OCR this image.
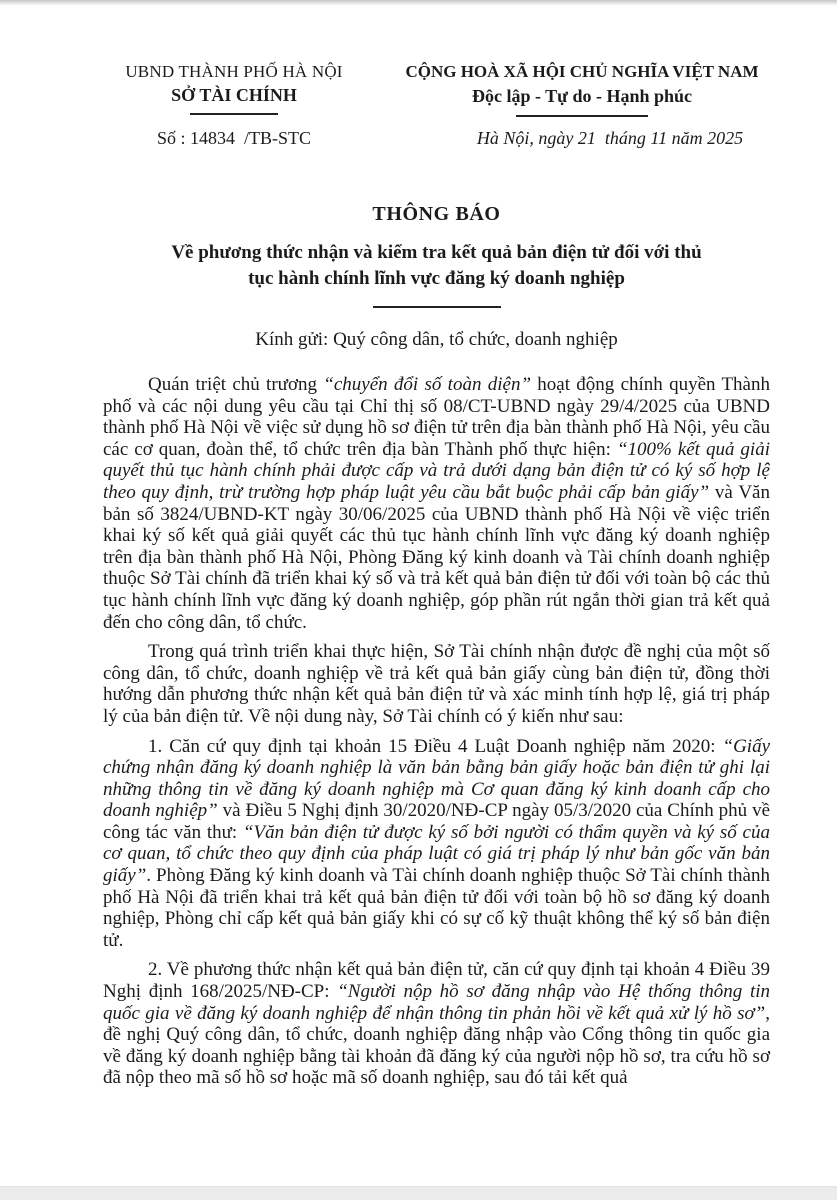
UBND THÀNH PHỐ HÀ NỘI
SỞ TÀI CHÍNH
Số : 14834  /TB-STC
CỘNG HOÀ XÃ HỘI CHỦ NGHĨA VIỆT NAM
Độc lập - Tự do - Hạnh phúc
Hà Nội, ngày 21  tháng 11 năm 2025
THÔNG BÁO
Về phương thức nhận và kiểm tra kết quả bản điện tử đối với thủ tục hành chính lĩnh vực đăng ký doanh nghiệp
Kính gửi: Quý công dân, tổ chức, doanh nghiệp

Quán triệt chủ trương “chuyển đổi số toàn diện” hoạt động chính quyền Thành phố và các nội dung yêu cầu tại Chỉ thị số 08/CT-UBND ngày 29/4/2025 của UBND thành phố Hà Nội về việc sử dụng hồ sơ điện tử trên địa bàn thành phố Hà Nội, yêu cầu các cơ quan, đoàn thể, tổ chức trên địa bàn Thành phố thực hiện: “100% kết quả giải quyết thủ tục hành chính phải được cấp và trả dưới dạng bản điện tử có ký số hợp lệ theo quy định, trừ trường hợp pháp luật yêu cầu bắt buộc phải cấp bản giấy” và Văn bản số 3824/UBND-KT ngày 30/06/2025 của UBND thành phố Hà Nội về việc triển khai ký số kết quả giải quyết các thủ tục hành chính lĩnh vực đăng ký doanh nghiệp trên địa bàn thành phố Hà Nội, Phòng Đăng ký kinh doanh và Tài chính doanh nghiệp thuộc Sở Tài chính đã triển khai ký số và trả kết quả bản điện tử đối với toàn bộ các thủ tục hành chính lĩnh vực đăng ký doanh nghiệp, góp phần rút ngắn thời gian trả kết quả đến cho công dân, tổ chức.

Trong quá trình triển khai thực hiện, Sở Tài chính nhận được đề nghị của một số công dân, tổ chức, doanh nghiệp về trả kết quả bản giấy cùng bản điện tử, đồng thời hướng dẫn phương thức nhận kết quả bản điện tử và xác minh tính hợp lệ, giá trị pháp lý của bản điện tử. Về nội dung này, Sở Tài chính có ý kiến như sau:

1. Căn cứ quy định tại khoản 15 Điều 4 Luật Doanh nghiệp năm 2020: “Giấy chứng nhận đăng ký doanh nghiệp là văn bản bằng bản giấy hoặc bản điện tử ghi lại những thông tin về đăng ký doanh nghiệp mà Cơ quan đăng ký kinh doanh cấp cho doanh nghiệp” và Điều 5 Nghị định 30/2020/NĐ-CP ngày 05/3/2020 của Chính phủ về công tác văn thư: “Văn bản điện tử được ký số bởi người có thẩm quyền và ký số của cơ quan, tổ chức theo quy định của pháp luật có giá trị pháp lý như bản gốc văn bản giấy”. Phòng Đăng ký kinh doanh và Tài chính doanh nghiệp thuộc Sở Tài chính thành phố Hà Nội đã triển khai trả kết quả bản điện tử đối với toàn bộ hồ sơ đăng ký doanh nghiệp, Phòng chỉ cấp kết quả bản giấy khi có sự cố kỹ thuật không thể ký số bản điện tử.

2. Về phương thức nhận kết quả bản điện tử, căn cứ quy định tại khoản 4 Điều 39 Nghị định 168/2025/NĐ-CP: “Người nộp hồ sơ đăng nhập vào Hệ thống thông tin quốc gia về đăng ký doanh nghiệp để nhận thông tin phản hồi về kết quả xử lý hồ sơ”, đề nghị Quý công dân, tổ chức, doanh nghiệp đăng nhập vào Cổng thông tin quốc gia về đăng ký doanh nghiệp bằng tài khoản đã đăng ký của người nộp hồ sơ, tra cứu hồ sơ đã nộp theo mã số hồ sơ hoặc mã số doanh nghiệp, sau đó tải kết quả
